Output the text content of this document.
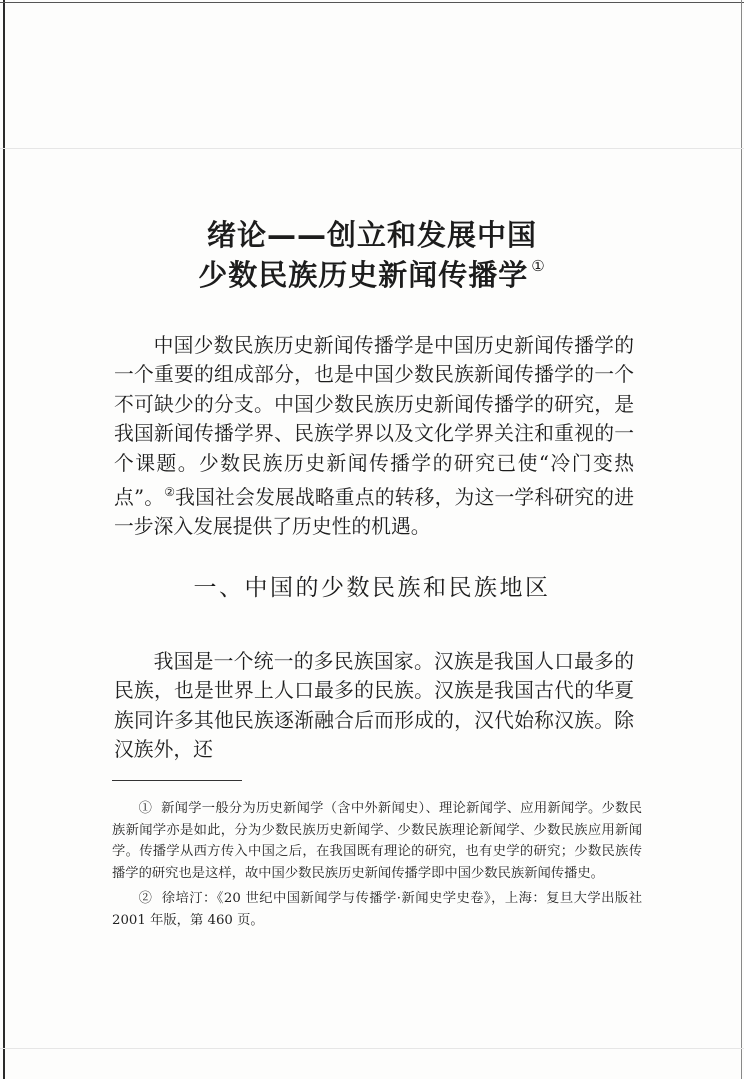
绪论——创立和发展中国
少数民族历史新闻传播学 ①

中国少数民族历史新闻传播学是中国历史新闻传播学的一个重要的组成部分，也是中国少数民族新闻传播学的一个不可缺少的分支。中国少数民族历史新闻传播学的研究，是我国新闻传播学界、民族学界以及文化学界关注和重视的一个课题。少数民族历史新闻传播学的研究已使“冷门变热点”。②我国社会发展战略重点的转移，为这一学科研究的进一步深入发展提供了历史性的机遇。

一、中国的少数民族和民族地区

我国是一个统一的多民族国家。汉族是我国人口最多的民族，也是世界上人口最多的民族。汉族是我国古代的华夏族同许多其他民族逐渐融合后而形成的，汉代始称汉族。除汉族外，还

① 新闻学一般分为历史新闻学（含中外新闻史）、理论新闻学、应用新闻学。少数民族新闻学亦是如此，分为少数民族历史新闻学、少数民族理论新闻学、少数民族应用新闻学。传播学从西方传入中国之后，在我国既有理论的研究，也有史学的研究；少数民族传播学的研究也是这样，故中国少数民族历史新闻传播学即中国少数民族新闻传播史。

② 徐培汀：《20 世纪中国新闻学与传播学·新闻史学史卷》，上海：复旦大学出版社 2001 年版，第 460 页。
